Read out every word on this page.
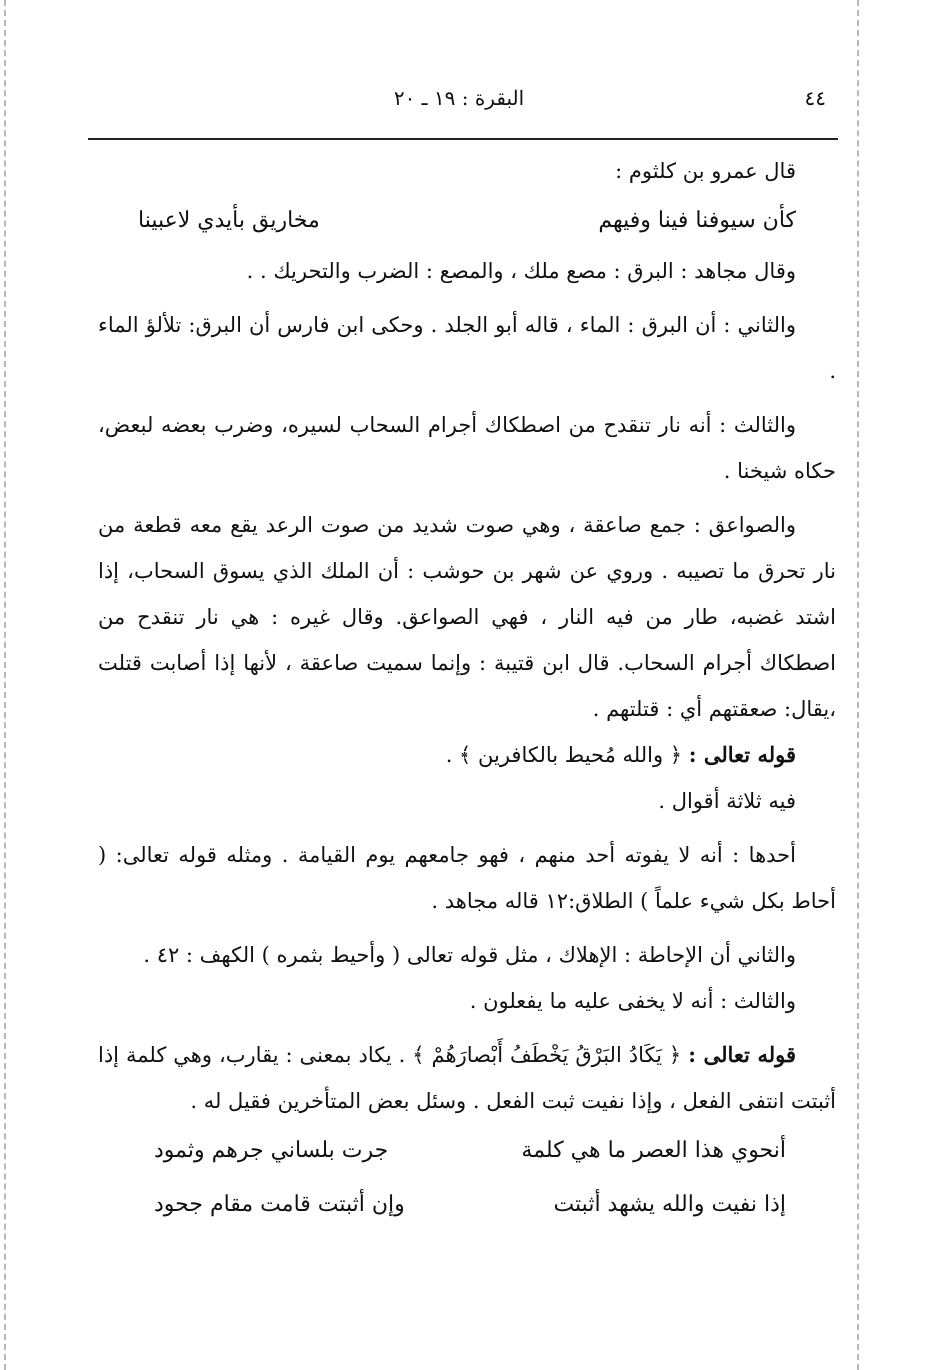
٤٤
البقرة : ١٩ ـ ٢٠

قال عمرو بن كلثوم :

كأن سيوفنا فينا وفيهم
مخاريق بأيدي لاعبينا

وقال مجاهد : البرق : مصع ملك ، والمصع : الضرب والتحريك . .

والثاني : أن البرق : الماء ، قاله أبو الجلد . وحكى ابن فارس أن البرق: تلألؤ الماء .

والثالث : أنه نار تنقدح من اصطكاك أجرام السحاب لسيره، وضرب بعضه لبعض، حكاه شيخنا .

والصواعق : جمع صاعقة ، وهي صوت شديد من صوت الرعد يقع معه قطعة من نار تحرق ما تصيبه . وروي عن شهر بن حوشب : أن الملك الذي يسوق السحاب، إذا اشتد غضبه، طار من فيه النار ، فهي الصواعق. وقال غيره : هي نار تنقدح من اصطكاك أجرام السحاب. قال ابن قتيبة : وإنما سميت صاعقة ، لأنها إذا أصابت قتلت ،يقال: صعقتهم أي : قتلتهم .

قوله تعالى : ﴿ والله مُحيط بالكافرين ﴾ .

فيه ثلاثة أقوال .

أحدها : أنه لا يفوته أحد منهم ، فهو جامعهم يوم القيامة . ومثله قوله تعالى: ( أحاط بكل شيء علماً ) الطلاق:١٢ قاله مجاهد .

والثاني أن الإحاطة : الإهلاك ، مثل قوله تعالى ( وأحيط بثمره ) الكهف : ٤٢ .

والثالث : أنه لا يخفى عليه ما يفعلون .

قوله تعالى : ﴿ يَكَادُ البَرْقُ يَخْطَفُ أَبْصارَهُمْ ﴾ . يكاد بمعنى : يقارب، وهي كلمة إذا أثبتت انتفى الفعل ، وإذا نفيت ثبت الفعل . وسئل بعض المتأخرين فقيل له .

أنحوي هذا العصر ما هي كلمة
جرت بلساني جرهم وثمود
إذا نفيت والله يشهد أثبتت
وإن أثبتت قامت مقام جحود
